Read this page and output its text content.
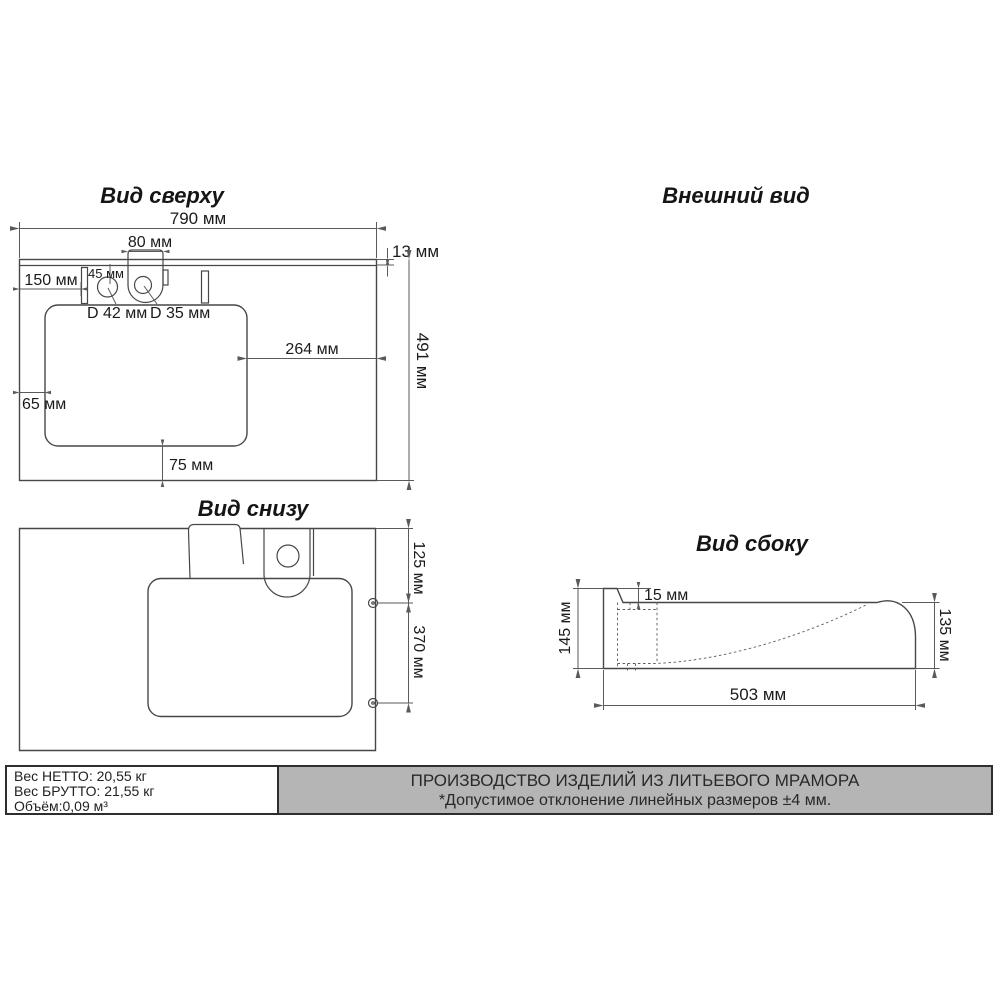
Вид сверху	Внешний вид
Вид снизу
Вид сбоку
790 мм
80 мм	13 мм
491 мм
150 мм 45 мм
D 42 мм D 35 мм
264 мм
65 мм
75 мм
125 мм
370 мм	145 мм
15 мм
135 мм
503 мм
Вес НЕТТО: 20,55 кг
Вес БРУТТО: 21,55 кг
Объём:0,09 м³
ПРОИЗВОДСТВО ИЗДЕЛИЙ ИЗ ЛИТЬЕВОГО МРАМОРА
*Допустимое отклонение линейных размеров ±4 мм.
